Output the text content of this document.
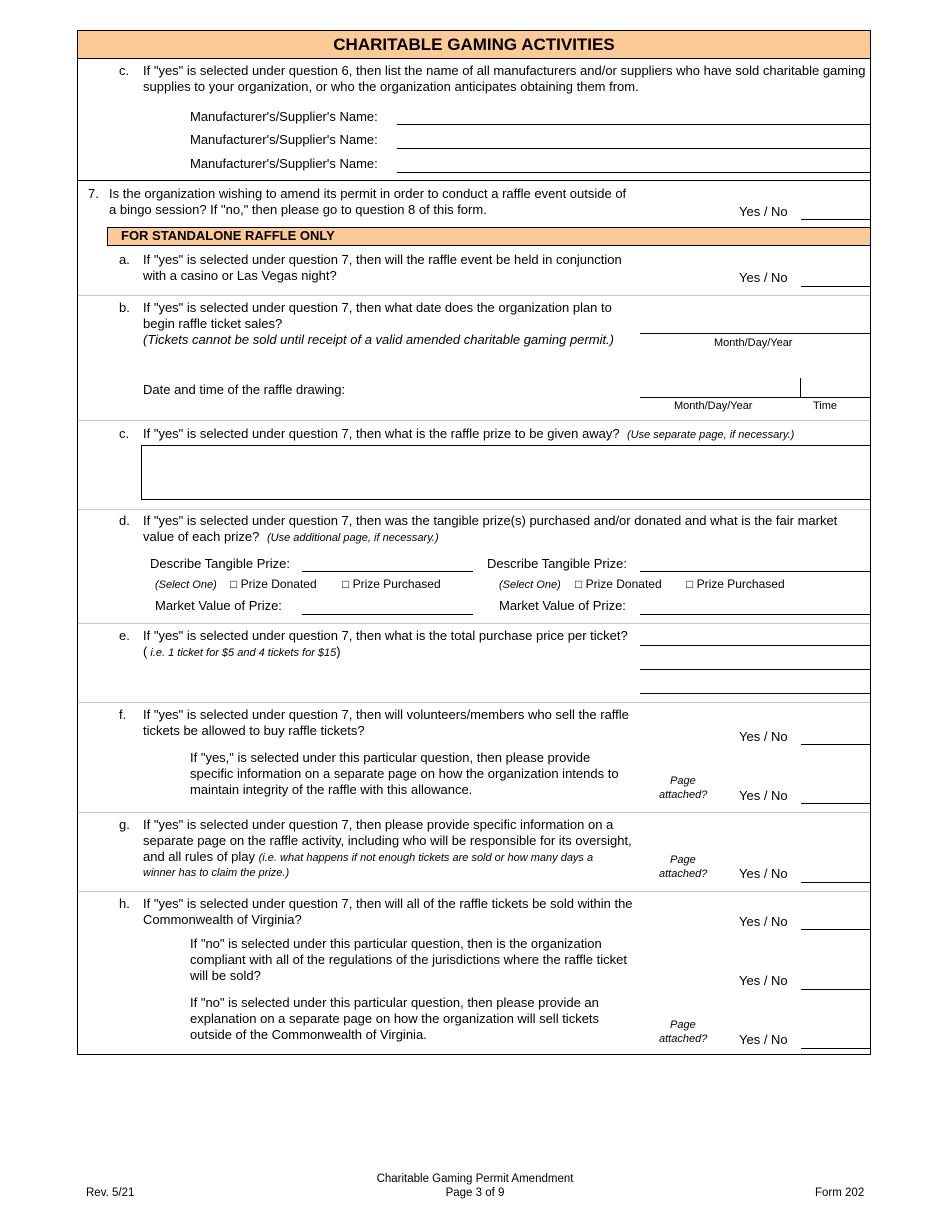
CHARITABLE GAMING ACTIVITIES
c. If "yes" is selected under question 6, then list the name of all manufacturers and/or suppliers who have sold charitable gaming
supplies to your organization, or who the organization anticipates obtaining them from.
Manufacturer's/Supplier's Name:
Manufacturer's/Supplier's Name:
Manufacturer's/Supplier's Name:
7. Is the organization wishing to amend its permit in order to conduct a raffle event outside of
a bingo session? If "no," then please go to question 8 of this form.	Yes / No
FOR STANDALONE RAFFLE ONLY
a. If "yes" is selected under question 7, then will the raffle event be held in conjunction
with a casino or Las Vegas night?	Yes / No
b. If "yes" is selected under question 7, then what date does the organization plan to
begin raffle ticket sales?
(Tickets cannot be sold until receipt of a valid amended charitable gaming permit.)	Month/Day/Year
Date and time of the raffle drawing:
Month/Day/Year	Time
c. If "yes" is selected under question 7, then what is the raffle prize to be given away? (Use separate page, if necessary.)
d. If "yes" is selected under question 7, then was the tangible prize(s) purchased and/or donated and what is the fair market
value of each prize? (Use additional page, if necessary.)
Describe Tangible Prize:
(Select One) □ Prize Donated □ Prize Purchased
Market Value of Prize:
Describe Tangible Prize:
(Select One) □ Prize Donated □ Prize Purchased
Market Value of Prize:
e. If "yes" is selected under question 7, then what is the total purchase price per ticket?
( i.e. 1 ticket for $5 and 4 tickets for $15)
f. If "yes" is selected under question 7, then will volunteers/members who sell the raffle
tickets be allowed to buy raffle tickets?	Yes / No
If "yes," is selected under this particular question, then please provide
specific information on a separate page on how the organization intends to
maintain integrity of the raffle with this allowance.
Page
attached? Yes / No
g. If "yes" is selected under question 7, then please provide specific information on a
separate page on the raffle activity, including who will be responsible for its oversight,
and all rules of play (i.e. what happens if not enough tickets are sold or how many days a
winner has to claim the prize.)
Page
attached? Yes / No
h. If "yes" is selected under question 7, then will all of the raffle tickets be sold within the
Commonwealth of Virginia?	Yes / No
If "no" is selected under this particular question, then is the organization
compliant with all of the regulations of the jurisdictions where the raffle ticket
will be sold?	Yes / No
If "no" is selected under this particular question, then please provide an
explanation on a separate page on how the organization will sell tickets
outside of the Commonwealth of Virginia.
Page
attached? Yes / No
Rev. 5/21
Charitable Gaming Permit Amendment
Page 3 of 9	Form 202
